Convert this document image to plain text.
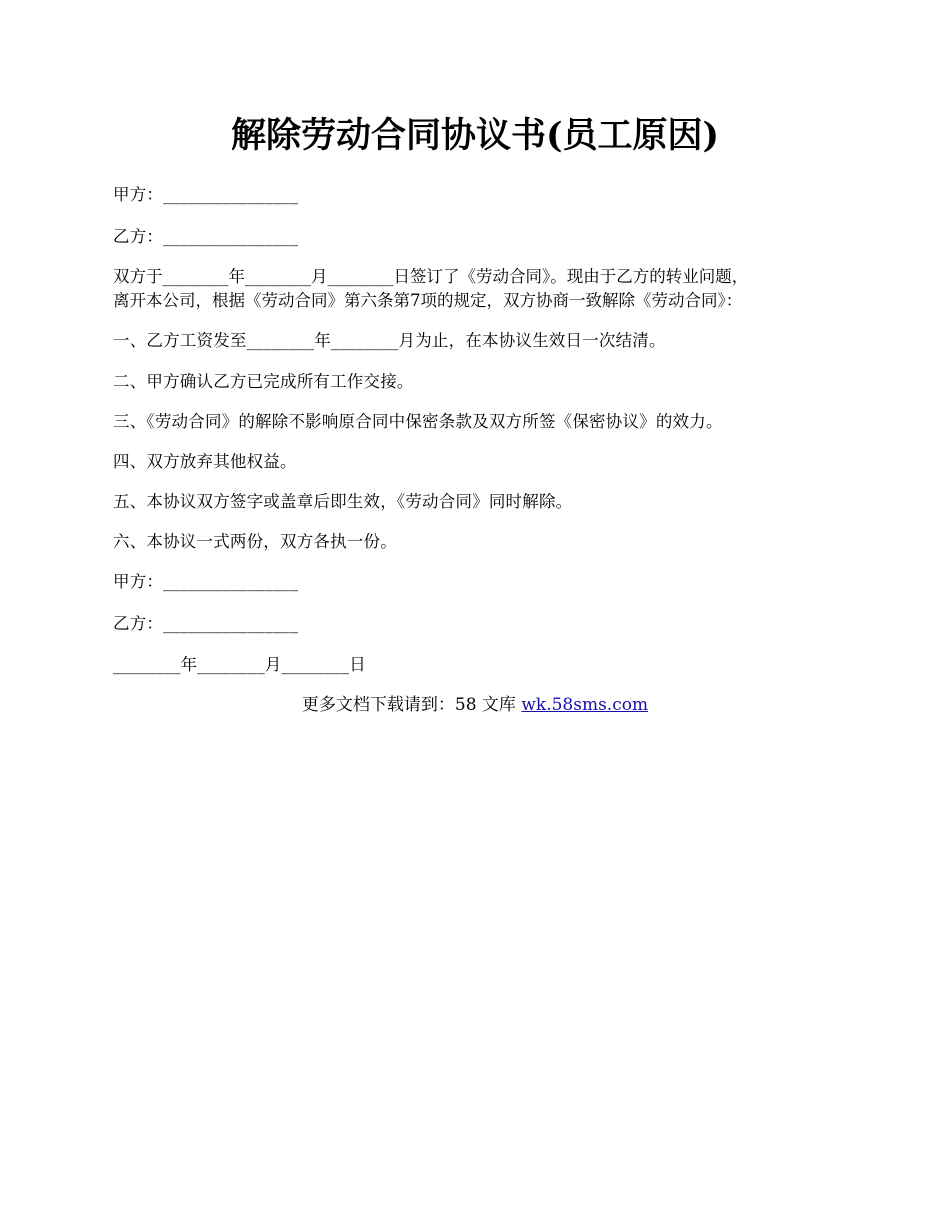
解除劳动合同协议书(员工原因)
甲方：________________
乙方：________________
双方于________年________月________日签订了《劳动合同》。现由于乙方的转业问题，
离开本公司，根据《劳动合同》第六条第7项的规定，双方协商一致解除《劳动合同》：
一、乙方工资发至________年________月为止，在本协议生效日一次结清。
二、甲方确认乙方已完成所有工作交接。
三、《劳动合同》的解除不影响原合同中保密条款及双方所签《保密协议》的效力。
四、双方放弃其他权益。
五、本协议双方签字或盖章后即生效，《劳动合同》同时解除。
六、本协议一式两份，双方各执一份。
甲方：________________
乙方：________________
________年________月________日
更多文档下载请到：58 文库 wk.58sms.com
